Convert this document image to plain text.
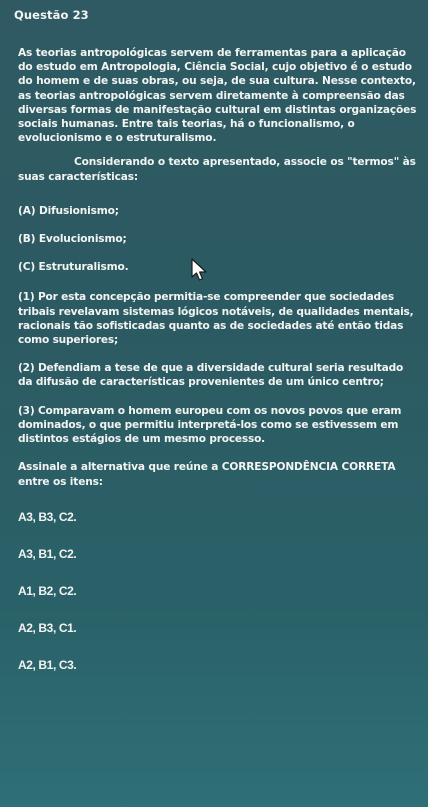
Questão 23
As teorias antropológicas servem de ferramentas para a aplicação do estudo em Antropologia, Ciência Social, cujo objetivo é o estudo do homem e de suas obras, ou seja, de sua cultura. Nesse contexto, as teorias antropológicas servem diretamente à compreensão das diversas formas de manifestação cultural em distintas organizações sociais humanas. Entre tais teorias, há o funcionalismo, o evolucionismo e o estruturalismo.
Considerando o texto apresentado, associe os "termos" às suas características:
(A) Difusionismo;
(B) Evolucionismo;
(C) Estruturalismo.
(1) Por esta concepção permitia-se compreender que sociedades tribais revelavam sistemas lógicos notáveis, de qualidades mentais, racionais tão sofisticadas quanto as de sociedades até então tidas como superiores;
(2) Defendiam a tese de que a diversidade cultural seria resultado da difusão de características provenientes de um único centro;
(3) Comparavam o homem europeu com os novos povos que eram dominados, o que permitiu interpretá-los como se estivessem em distintos estágios de um mesmo processo.
Assinale a alternativa que reúne a CORRESPONDÊNCIA CORRETA entre os itens:
A3, B3, C2.
A3, B1, C2.
A1, B2, C2.
A2, B3, C1.
A2, B1, C3.
